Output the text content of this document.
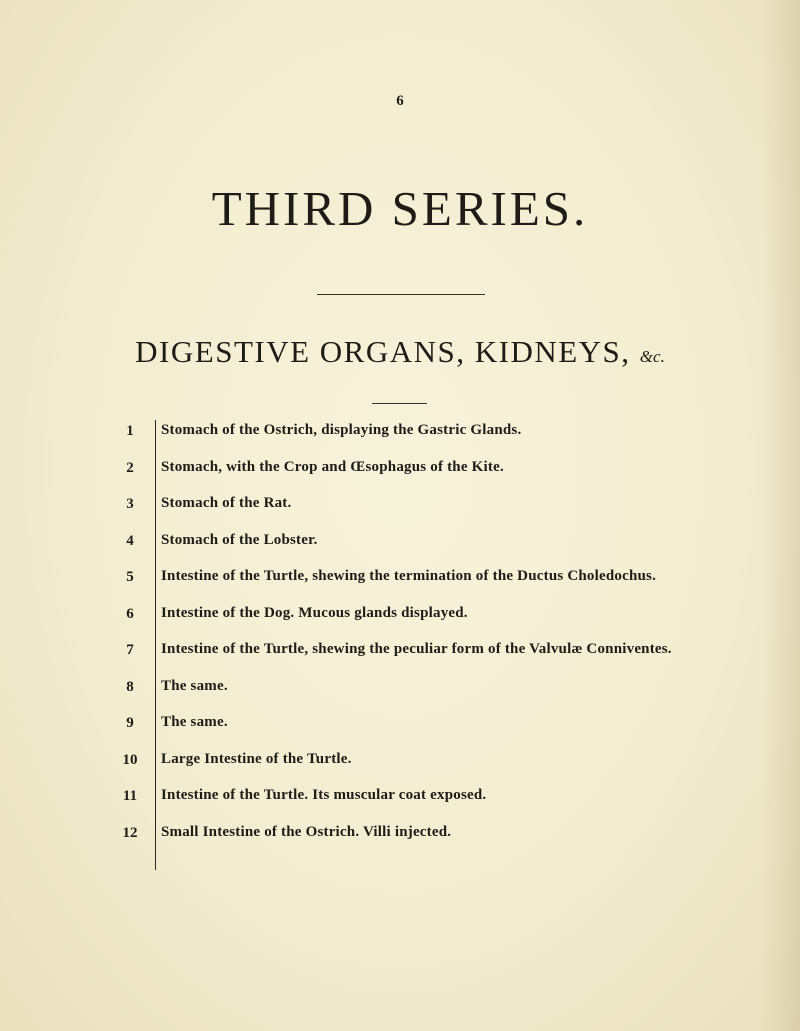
6
THIRD SERIES.
DIGESTIVE ORGANS, KIDNEYS, &c.
1	Stomach of the Ostrich, displaying the Gastric Glands.
2	Stomach, with the Crop and Œsophagus of the Kite.
3	Stomach of the Rat.
4	Stomach of the Lobster.
5	Intestine of the Turtle, shewing the termination of the Ductus Choledochus.
6	Intestine of the Dog. Mucous glands displayed.
7	Intestine of the Turtle, shewing the peculiar form of the Valvulæ Conniventes.
8	The same.
9	The same.
10	Large Intestine of the Turtle.
11	Intestine of the Turtle. Its muscular coat exposed.
12	Small Intestine of the Ostrich. Villi injected.
